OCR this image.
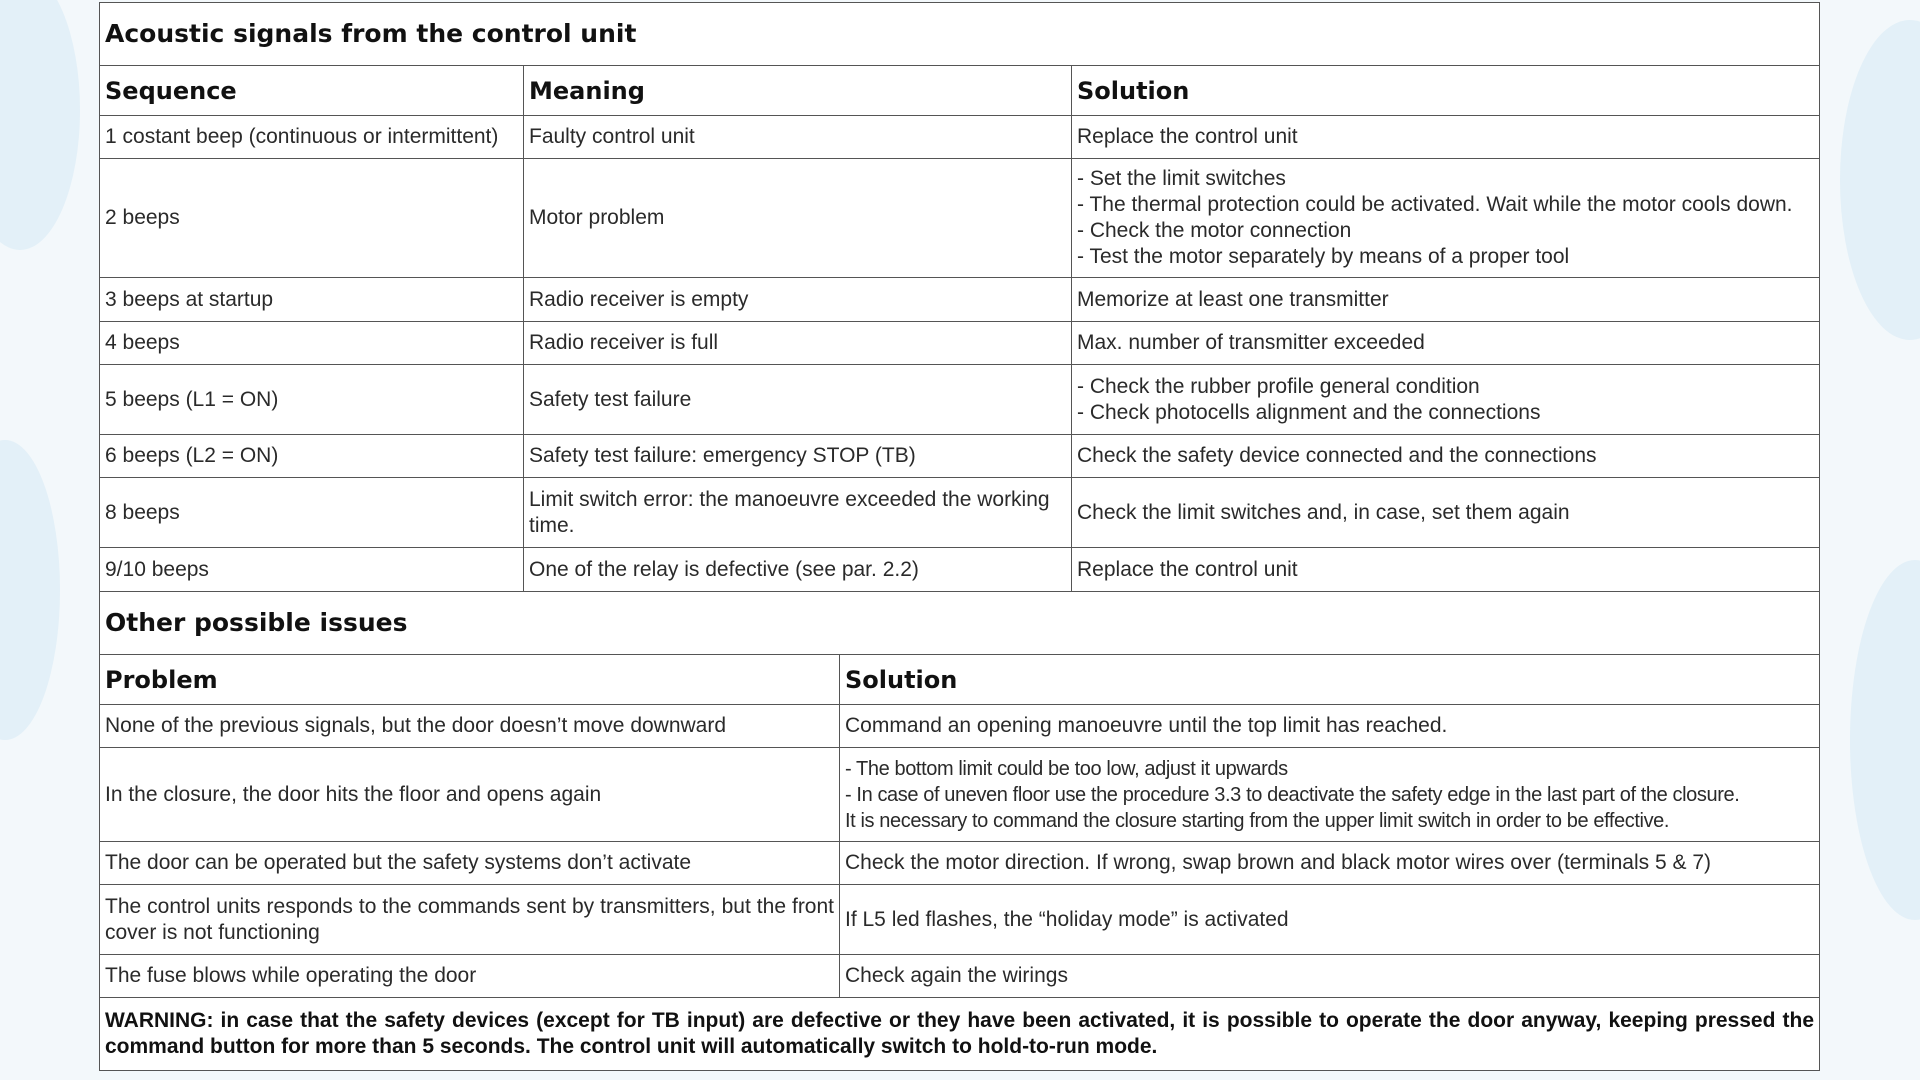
Acoustic signals from the control unit		
Sequence	Meaning	Solution
1 costant beep (continuous or intermittent)	Faulty control unit	Replace the control unit
2 beeps	Motor problem	- Set the limit switches
- The thermal protection could be activated. Wait while the motor cools down.
- Check the motor connection
- Test the motor separately by means of a proper tool

3 beeps at startup	Radio receiver is empty	Memorize at least one transmitter
4 beeps	Radio receiver is full	Max. number of transmitter exceeded
5 beeps (L1 = ON)	Safety test failure	- Check the rubber profile general condition
- Check photocells alignment and the connections

6 beeps (L2 = ON)	Safety test failure: emergency STOP (TB)	Check the safety device connected and the connections
8 beeps	Limit switch error: the manoeuvre exceeded the working time.	Check the limit switches and, in case, set them again
9/10 beeps	One of the relay is defective (see par. 2.2)	Replace the control unit
Other possible issues	
Problem	Solution
None of the previous signals, but the door doesn’t move downward	Command an opening manoeuvre until the top limit has reached.
In the closure, the door hits the floor and opens again	- The bottom limit could be too low, adjust it upwards
- In case of uneven floor use the procedure 3.3 to deactivate the safety edge in the last part of the closure.
It is necessary to command the closure starting from the upper limit switch in order to be effective.

The door can be operated but the safety systems don’t activate	Check the motor direction. If wrong, swap brown and black motor wires over (terminals 5 & 7)
The control units responds to the commands sent by transmitters, but the front cover is not functioning	If L5 led flashes, the “holiday mode” is activated
The fuse blows while operating the door	Check again the wirings
WARNING: in case that the safety devices (except for TB input) are defective or they have been activated, it is possible to operate the door anyway, keeping pressed the command button for more than 5 seconds. The control unit will automatically switch to hold-to-run mode.	
